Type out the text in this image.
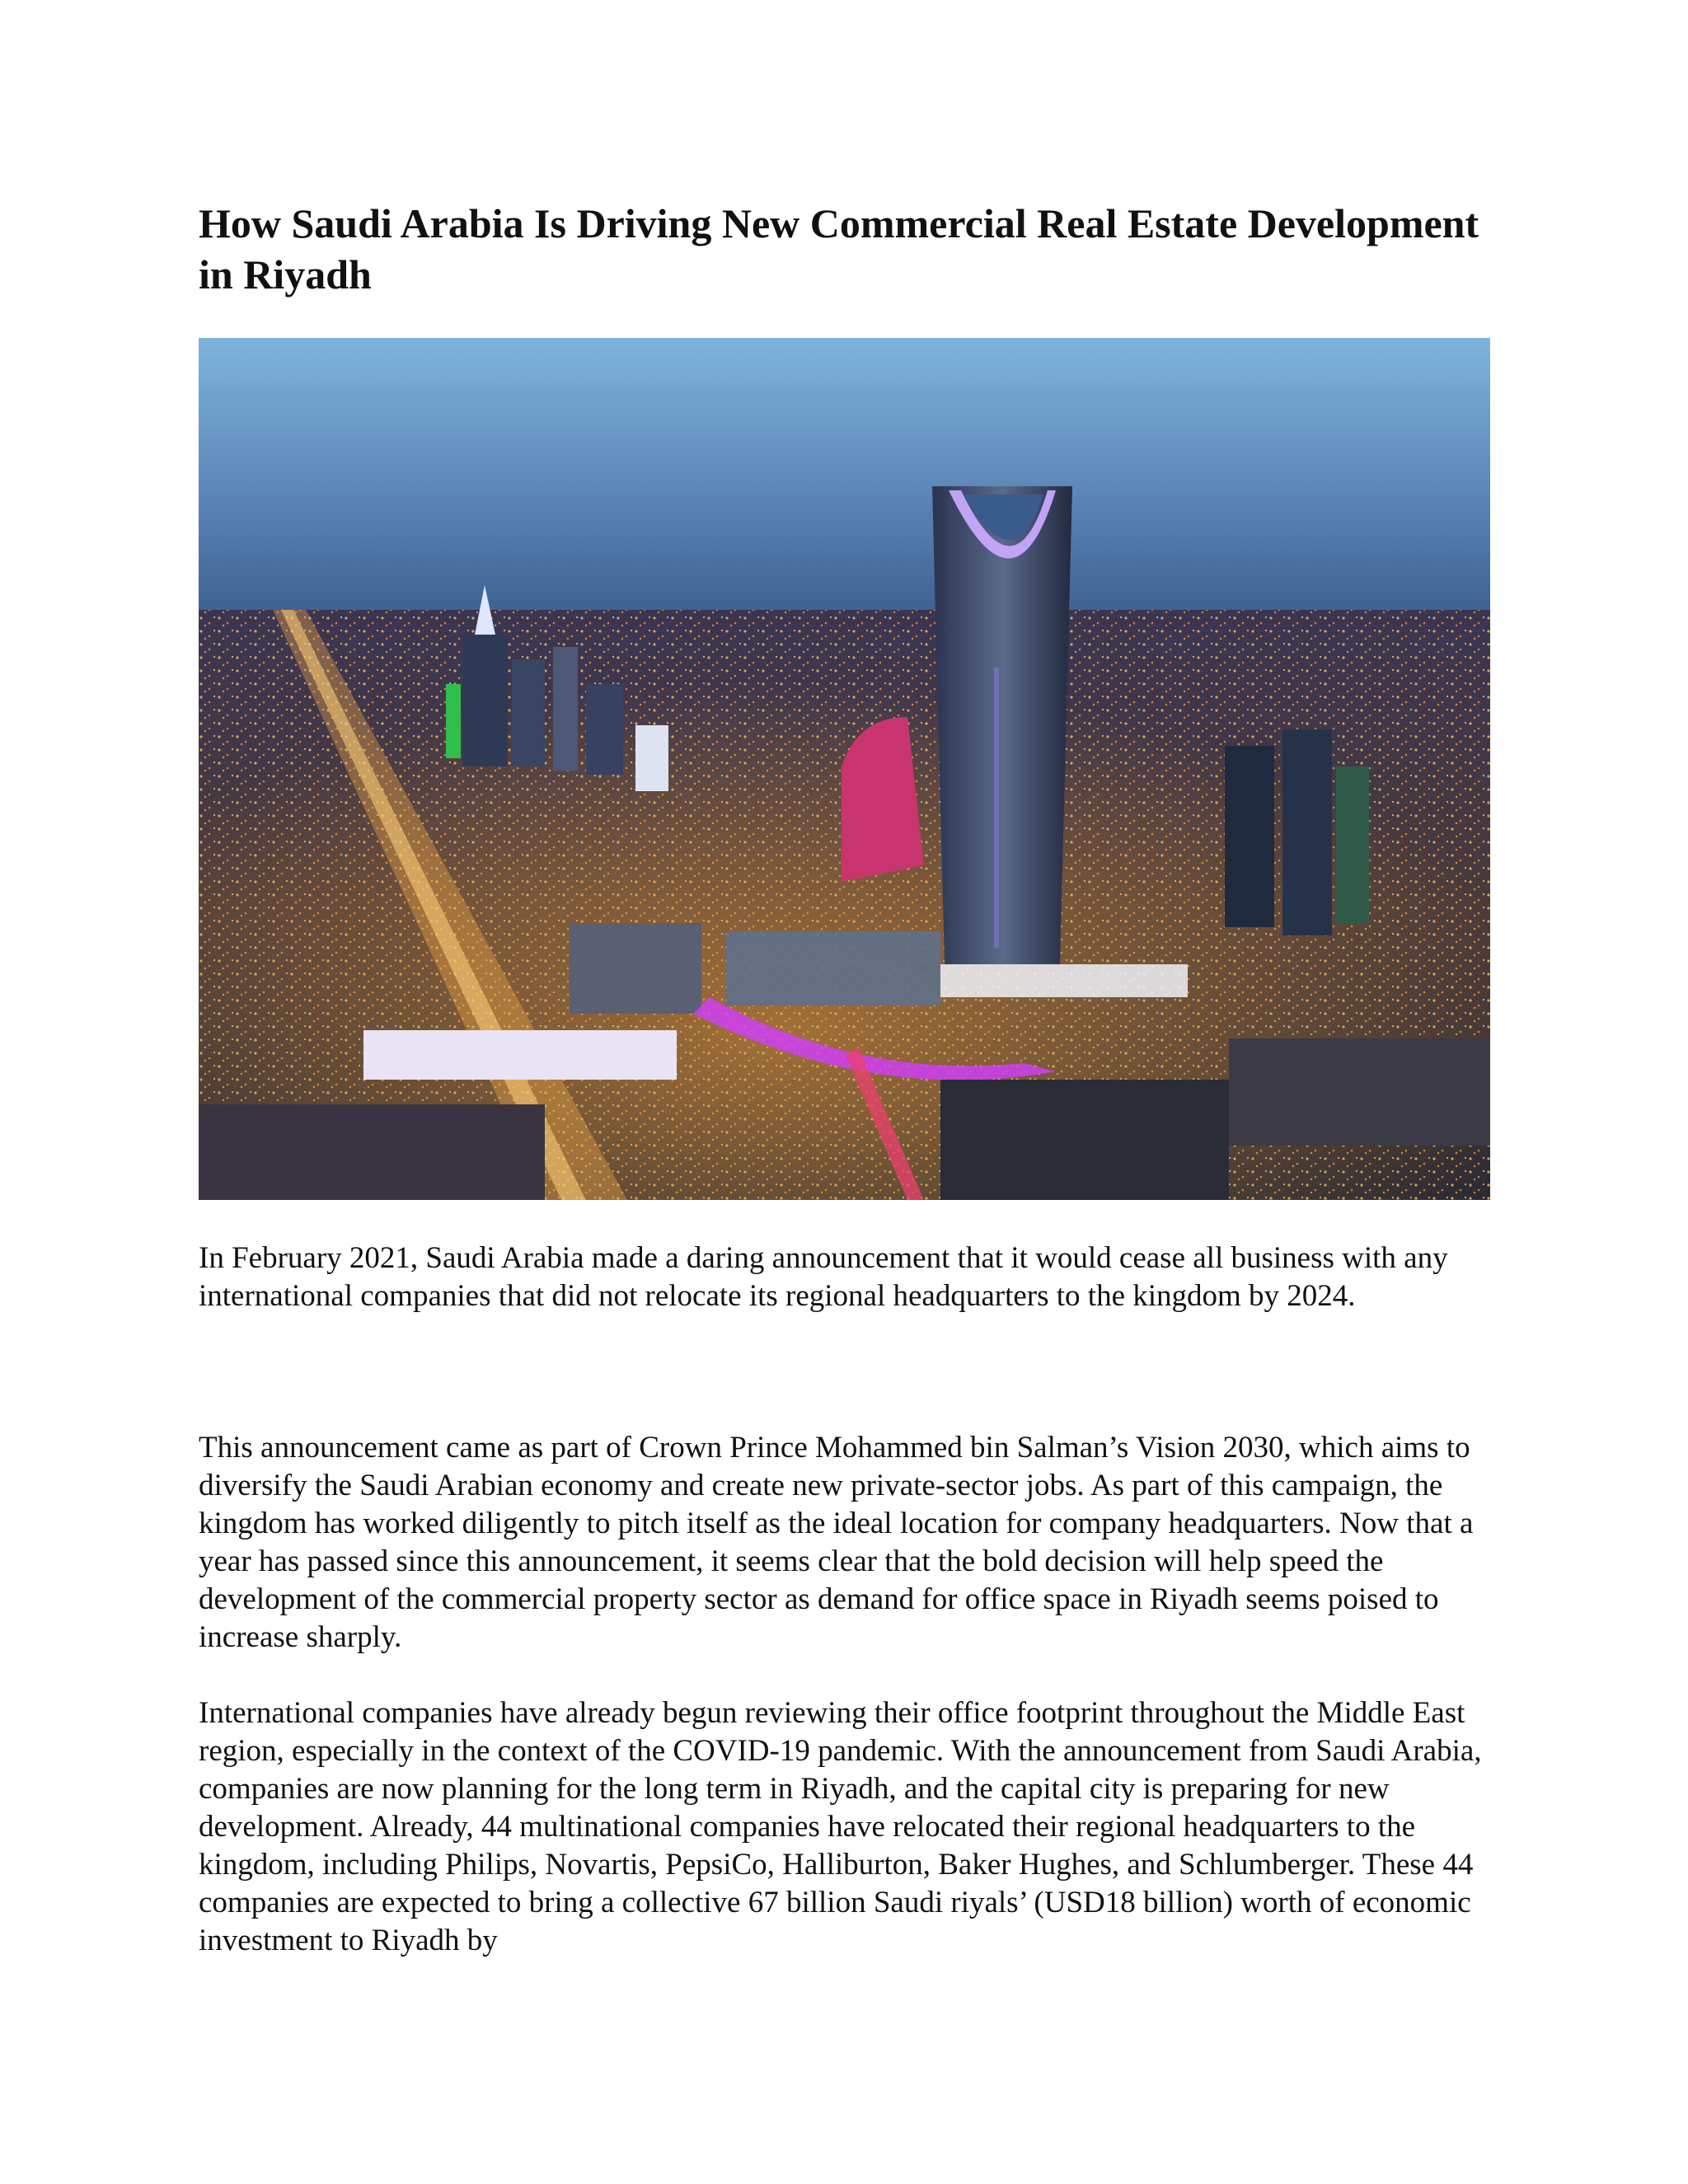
How Saudi Arabia Is Driving New Commercial Real Estate Development in Riyadh

In February 2021, Saudi Arabia made a daring announcement that it would cease all business with any international companies that did not relocate its regional headquarters to the kingdom by 2024.

This announcement came as part of Crown Prince Mohammed bin Salman’s Vision 2030, which aims to diversify the Saudi Arabian economy and create new private-sector jobs. As part of this campaign, the kingdom has worked diligently to pitch itself as the ideal location for company headquarters. Now that a year has passed since this announcement, it seems clear that the bold decision will help speed the development of the commercial property sector as demand for office space in Riyadh seems poised to increase sharply.

International companies have already begun reviewing their office footprint throughout the Middle East region, especially in the context of the COVID-19 pandemic. With the announcement from Saudi Arabia, companies are now planning for the long term in Riyadh, and the capital city is preparing for new development. Already, 44 multinational companies have relocated their regional headquarters to the kingdom, including Philips, Novartis, PepsiCo, Halliburton, Baker Hughes, and Schlumberger. These 44 companies are expected to bring a collective 67 billion Saudi riyals’ (USD18 billion) worth of economic investment to Riyadh by
